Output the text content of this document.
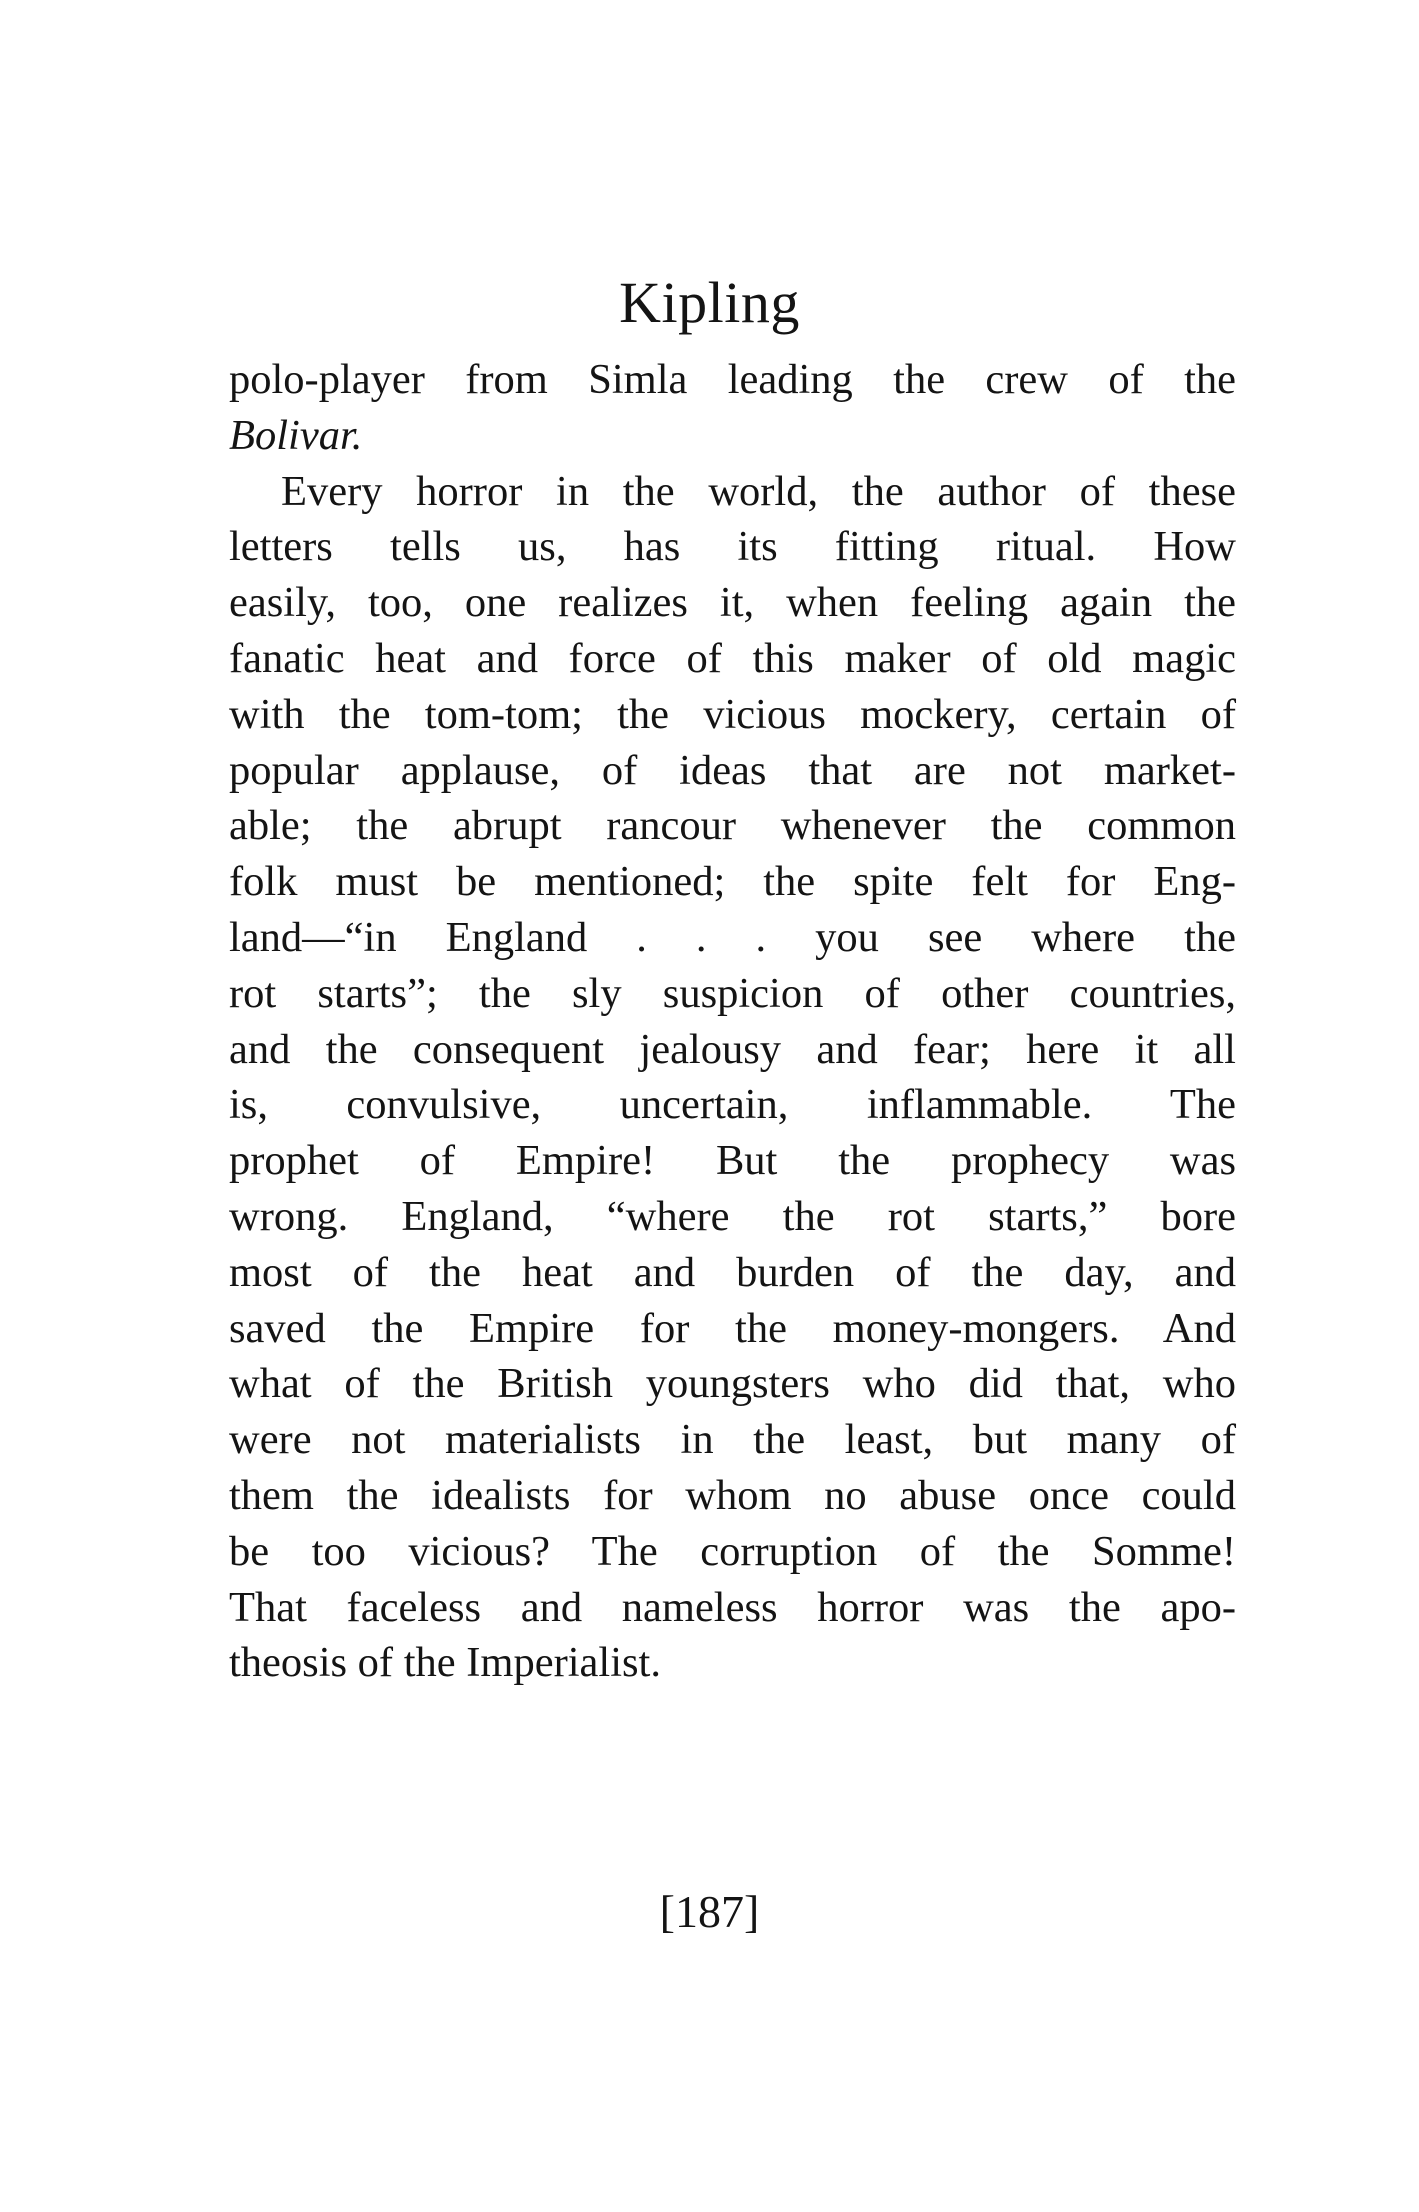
Kipling
polo-player from Simla leading the crew of the
Bolivar.
Every horror in the world, the author of these
letters tells us, has its fitting ritual. How
easily, too, one realizes it, when feeling again the
fanatic heat and force of this maker of old magic
with the tom-tom; the vicious mockery, certain of
popular applause, of ideas that are not market-
able; the abrupt rancour whenever the common
folk must be mentioned; the spite felt for Eng-
land—“in England . . . you see where the
rot starts”; the sly suspicion of other countries,
and the consequent jealousy and fear; here it all
is, convulsive, uncertain, inflammable. The
prophet of Empire! But the prophecy was
wrong. England, “where the rot starts,” bore
most of the heat and burden of the day, and
saved the Empire for the money-mongers. And
what of the British youngsters who did that, who
were not materialists in the least, but many of
them the idealists for whom no abuse once could
be too vicious? The corruption of the Somme!
That faceless and nameless horror was the apo-
theosis of the Imperialist.
[187]
